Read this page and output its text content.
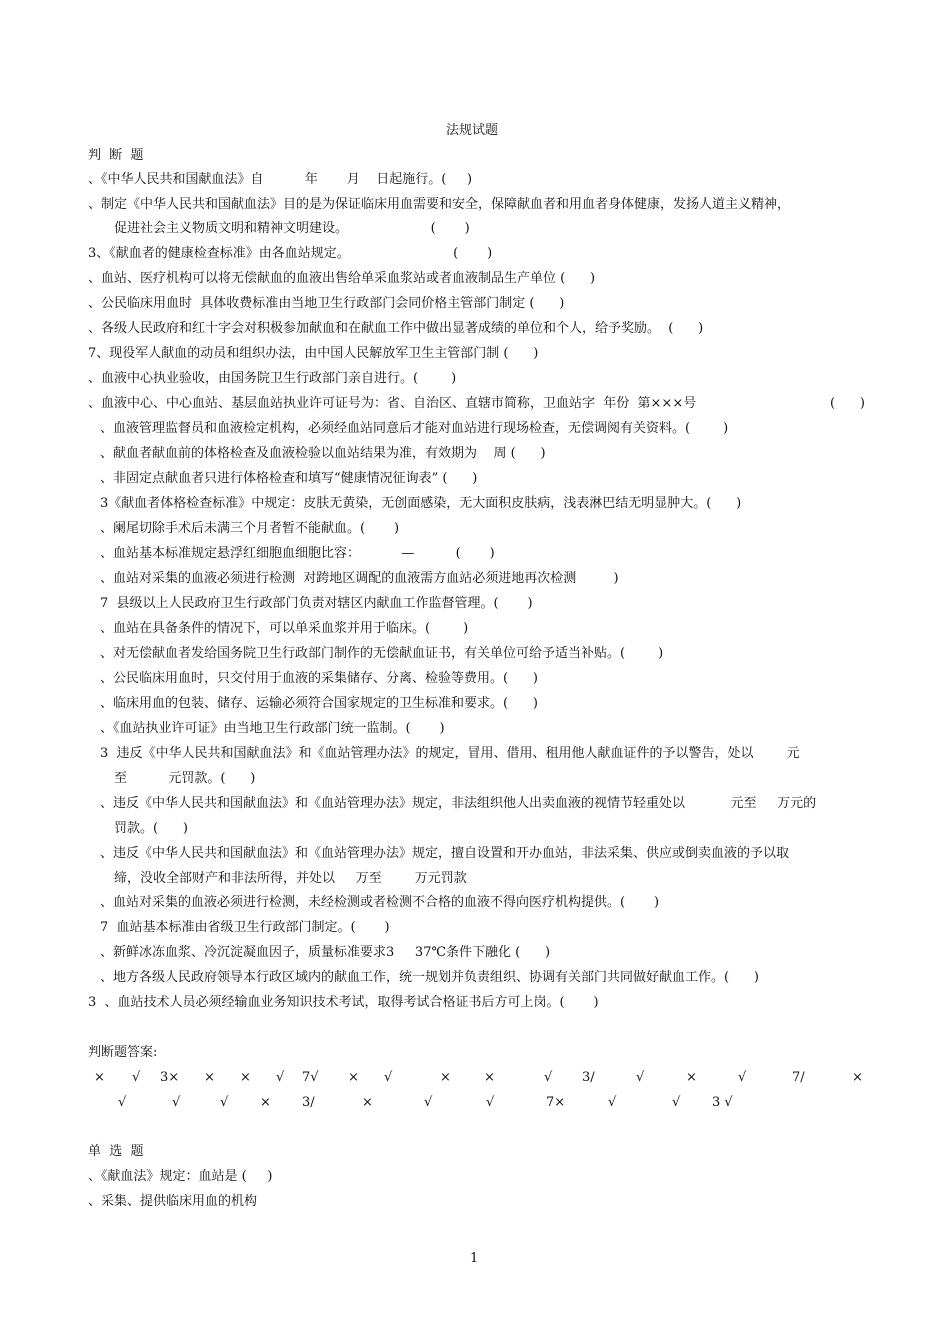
法规试题
判  断  题
、《中华人民共和国献血法》自          年       月    日起施行。(     )
、制定《中华人民共和国献血法》目的是为保证临床用血需要和安全，保障献血者和用血者身体健康，发扬人道主义精神，
促进社会主义物质文明和精神文明建设。                    (       )
3、《献血者的健康检查标准》由各血站规定。                         (       )
、血站、医疗机构可以将无偿献血的血液出售给单采血浆站或者血液制品生产单位 (      )
、公民临床用血时  具体收费标准由当地卫生行政部门会同价格主管部门制定 (      )
、各级人民政府和红十字会对积极参加献血和在献血工作中做出显著成绩的单位和个人，给予奖励。  (      )
7、现役军人献血的动员和组织办法，由中国人民解放军卫生主管部门制 (      )
、血液中心执业验收，由国务院卫生行政部门亲自进行。(        )
、血液中心、中心血站、基层血站执业许可证号为：省、自治区、直辖市简称，卫血站字  年份  第×××号	(      )
、血液管理监督员和血液检定机构，必须经血站同意后才能对血站进行现场检查，无偿调阅有关资料。(        )
、献血者献血前的体格检查及血液检验以血站结果为准，有效期为    周 (      )
、非固定点献血者只进行体格检查和填写“健康情况征询表” (      )
3《献血者体格检查标准》中规定：皮肤无黄染，无创面感染，无大面积皮肤病，浅表淋巴结无明显肿大。(      )
、阑尾切除手术后未满三个月者暂不能献血。(       )
、血站基本标准规定悬浮红细胞血细胞比容：          —          (       )
、血站对采集的血液必须进行检测  对跨地区调配的血液需方血站必须进地再次检测         )
7  县级以上人民政府卫生行政部门负责对辖区内献血工作监督管理。(       )
、血站在具备条件的情况下，可以单采血浆并用于临床。(        )
、对无偿献血者发给国务院卫生行政部门制作的无偿献血证书，有关单位可给予适当补贴。(        )
、公民临床用血时，只交付用于血液的采集储存、分离、检验等费用。(      )
、临床用血的包装、储存、运输必须符合国家规定的卫生标准和要求。(      )
、《血站执业许可证》由当地卫生行政部门统一监制。(       )
3  违反《中华人民共和国献血法》和《血站管理办法》的规定，冒用、借用、租用他人献血证件的予以警告，处以        元
至          元罚款。(      )
、违反《中华人民共和国献血法》和《血站管理办法》规定，非法组织他人出卖血液的视情节轻重处以           元至     万元的
罚款。(      )
、违反《中华人民共和国献血法》和《血站管理办法》规定，擅自设置和开办血站，非法采集、供应或倒卖血液的予以取
缔，没收全部财产和非法所得，并处以     万至        万元罚款
、血站对采集的血液必须进行检测，未经检测或者检测不合格的血液不得向医疗机构提供。(       )
7  血站基本标准由省级卫生行政部门制定。(       )
、新鲜冰冻血浆、冷沉淀凝血因子，质量标准要求3     37℃条件下融化 (      )
、地方各级人民政府领导本行政区域内的献血工作，统一规划并负责组织、协调有关部门共同做好献血工作。(      )
3  、血站技术人员必须经输血业务知识技术考试，取得考试合格证书后方可上岗。(       )
判断题答案:
× √ 3× × × √ 7√ × √	×	×	√ 3/	√	×	√	7/	×
√	√	√ × 3/	×	√	√	7×	√	√ 3 √
单  选  题
、《献血法》规定：血站是 (     )
、采集、提供临床用血的机构
1
